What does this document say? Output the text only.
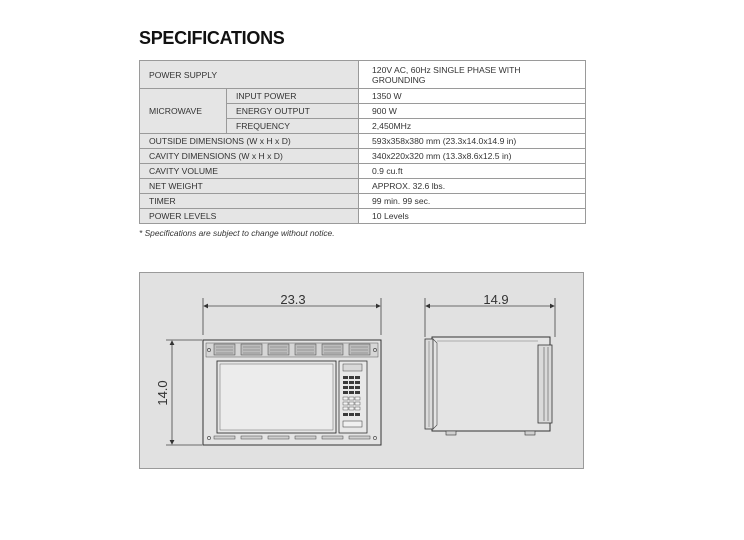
SPECIFICATIONS
POWER SUPPLY		120V AC, 60Hz SINGLE PHASE WITH GROUNDING
MICROWAVE	INPUT POWER	1350 W
	ENERGY OUTPUT	900 W
	FREQUENCY	2,450MHz
OUTSIDE DIMENSIONS (W x H x D)		593x358x380 mm (23.3x14.0x14.9 in)
CAVITY DIMENSIONS (W x H x D)		340x220x320 mm (13.3x8.6x12.5 in)
CAVITY VOLUME		0.9 cu.ft
NET WEIGHT		APPROX. 32.6 lbs.
TIMER		99 min. 99 sec.
POWER LEVELS		10 Levels
* Specifications are subject to change without notice.
23.3
14.0
14.9
